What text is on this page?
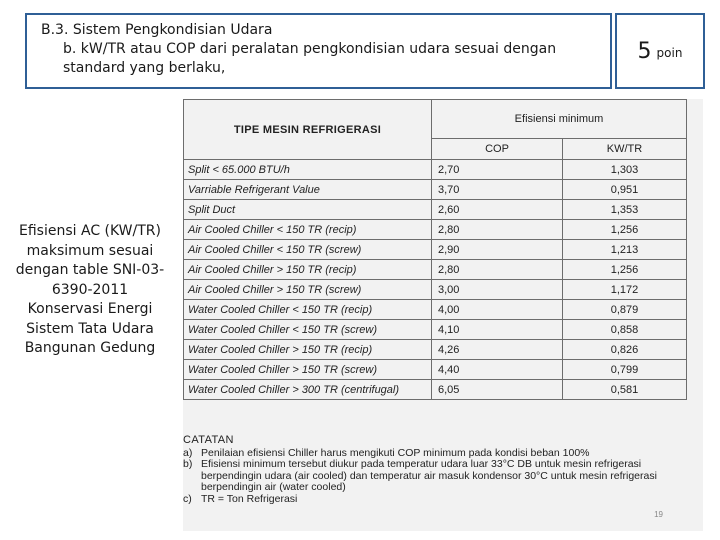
B.3. Sistem Pengkondisian Udara
b. kW/TR atau COP dari peralatan pengkondisian udara sesuai dengan
standard yang berlaku,
5 poin
Efisiensi AC (KW/TR)
maksimum sesuai
dengan table SNI-03-
6390-2011
Konservasi Energi
Sistem Tata Udara
Bangunan Gedung
TIPE MESIN REFRIGERASI	Efisiensi minimum	
	COP	KW/TR
Split < 65.000 BTU/h	2,70	1,303
Varriable Refrigerant Value	3,70	0,951
Split Duct	2,60	1,353
Air Cooled Chiller < 150 TR (recip)	2,80	1,256
Air Cooled Chiller < 150 TR (screw)	2,90	1,213
Air Cooled Chiller > 150 TR (recip)	2,80	1,256
Air Cooled Chiller > 150 TR (screw)	3,00	1,172
Water Cooled Chiller < 150 TR (recip)	4,00	0,879
Water Cooled Chiller < 150 TR (screw)	4,10	0,858
Water Cooled Chiller > 150 TR (recip)	4,26	0,826
Water Cooled Chiller > 150 TR (screw)	4,40	0,799
Water Cooled Chiller > 300 TR (centrifugal)	6,05	0,581
CATATAN
a) Penilaian efisiensi Chiller harus mengikuti COP minimum pada kondisi beban 100%
b) Efisiensi minimum tersebut diukur pada temperatur udara luar 33°C DB untuk mesin refrigerasi
berpendingin udara (air cooled) dan temperatur air masuk kondensor 30°C untuk mesin refrigerasi
berpendingin air (water cooled)
c) TR = Ton Refrigerasi
19
